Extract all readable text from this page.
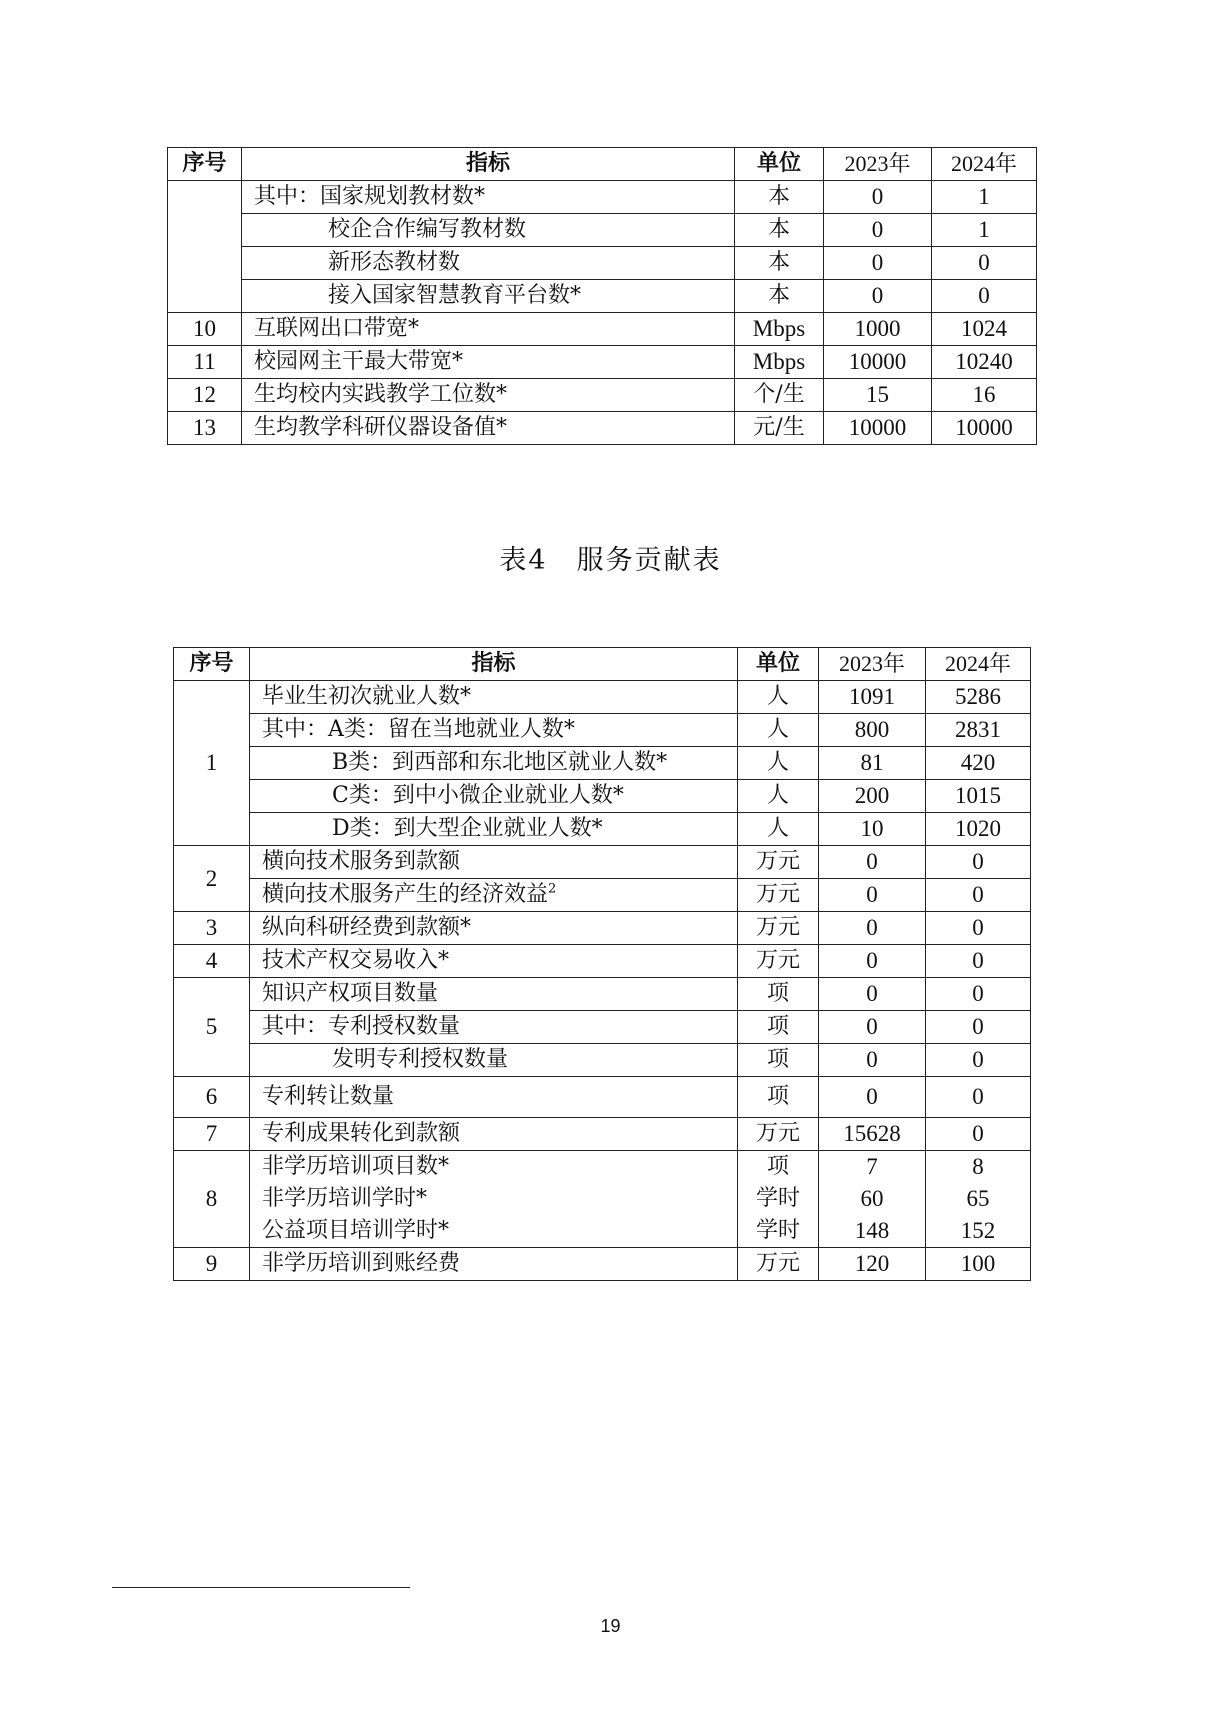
序号	指标	单位	2023年	2024年
	其中：国家规划教材数*	本	0	1
	校企合作编写教材数	本	0	1
	新形态教材数	本	0	0
	接入国家智慧教育平台数*	本	0	0
10	互联网出口带宽*	Mbps	1000	1024
11	校园网主干最大带宽*	Mbps	10000	10240
12	生均校内实践教学工位数*	个/生	15	16
13	生均教学科研仪器设备值*	元/生	10000	10000
表4　服务贡献表
序号	指标	单位	2023年	2024年
1	毕业生初次就业人数*	人	1091	5286
	其中：A类：留在当地就业人数*	人	800	2831
	B类：到西部和东北地区就业人数*	人	81	420
	C类：到中小微企业就业人数*	人	200	1015
	D类：到大型企业就业人数*	人	10	1020
2	横向技术服务到款额	万元	0	0
	横向技术服务产生的经济效益$^2$	万元	0	0
3	纵向科研经费到款额*	万元	0	0
4	技术产权交易收入*	万元	0	0
5	知识产权项目数量	项	0	0
	其中：专利授权数量	项	0	0
	发明专利授权数量	项	0	0
6	专利转让数量	项	0	0
7	专利成果转化到款额	万元	15628	0
8	非学历培训项目数*	项	7	8
	非学历培训学时*	学时	60	65
	公益项目培训学时*	学时	148	152
9	非学历培训到账经费	万元	120	100
19
